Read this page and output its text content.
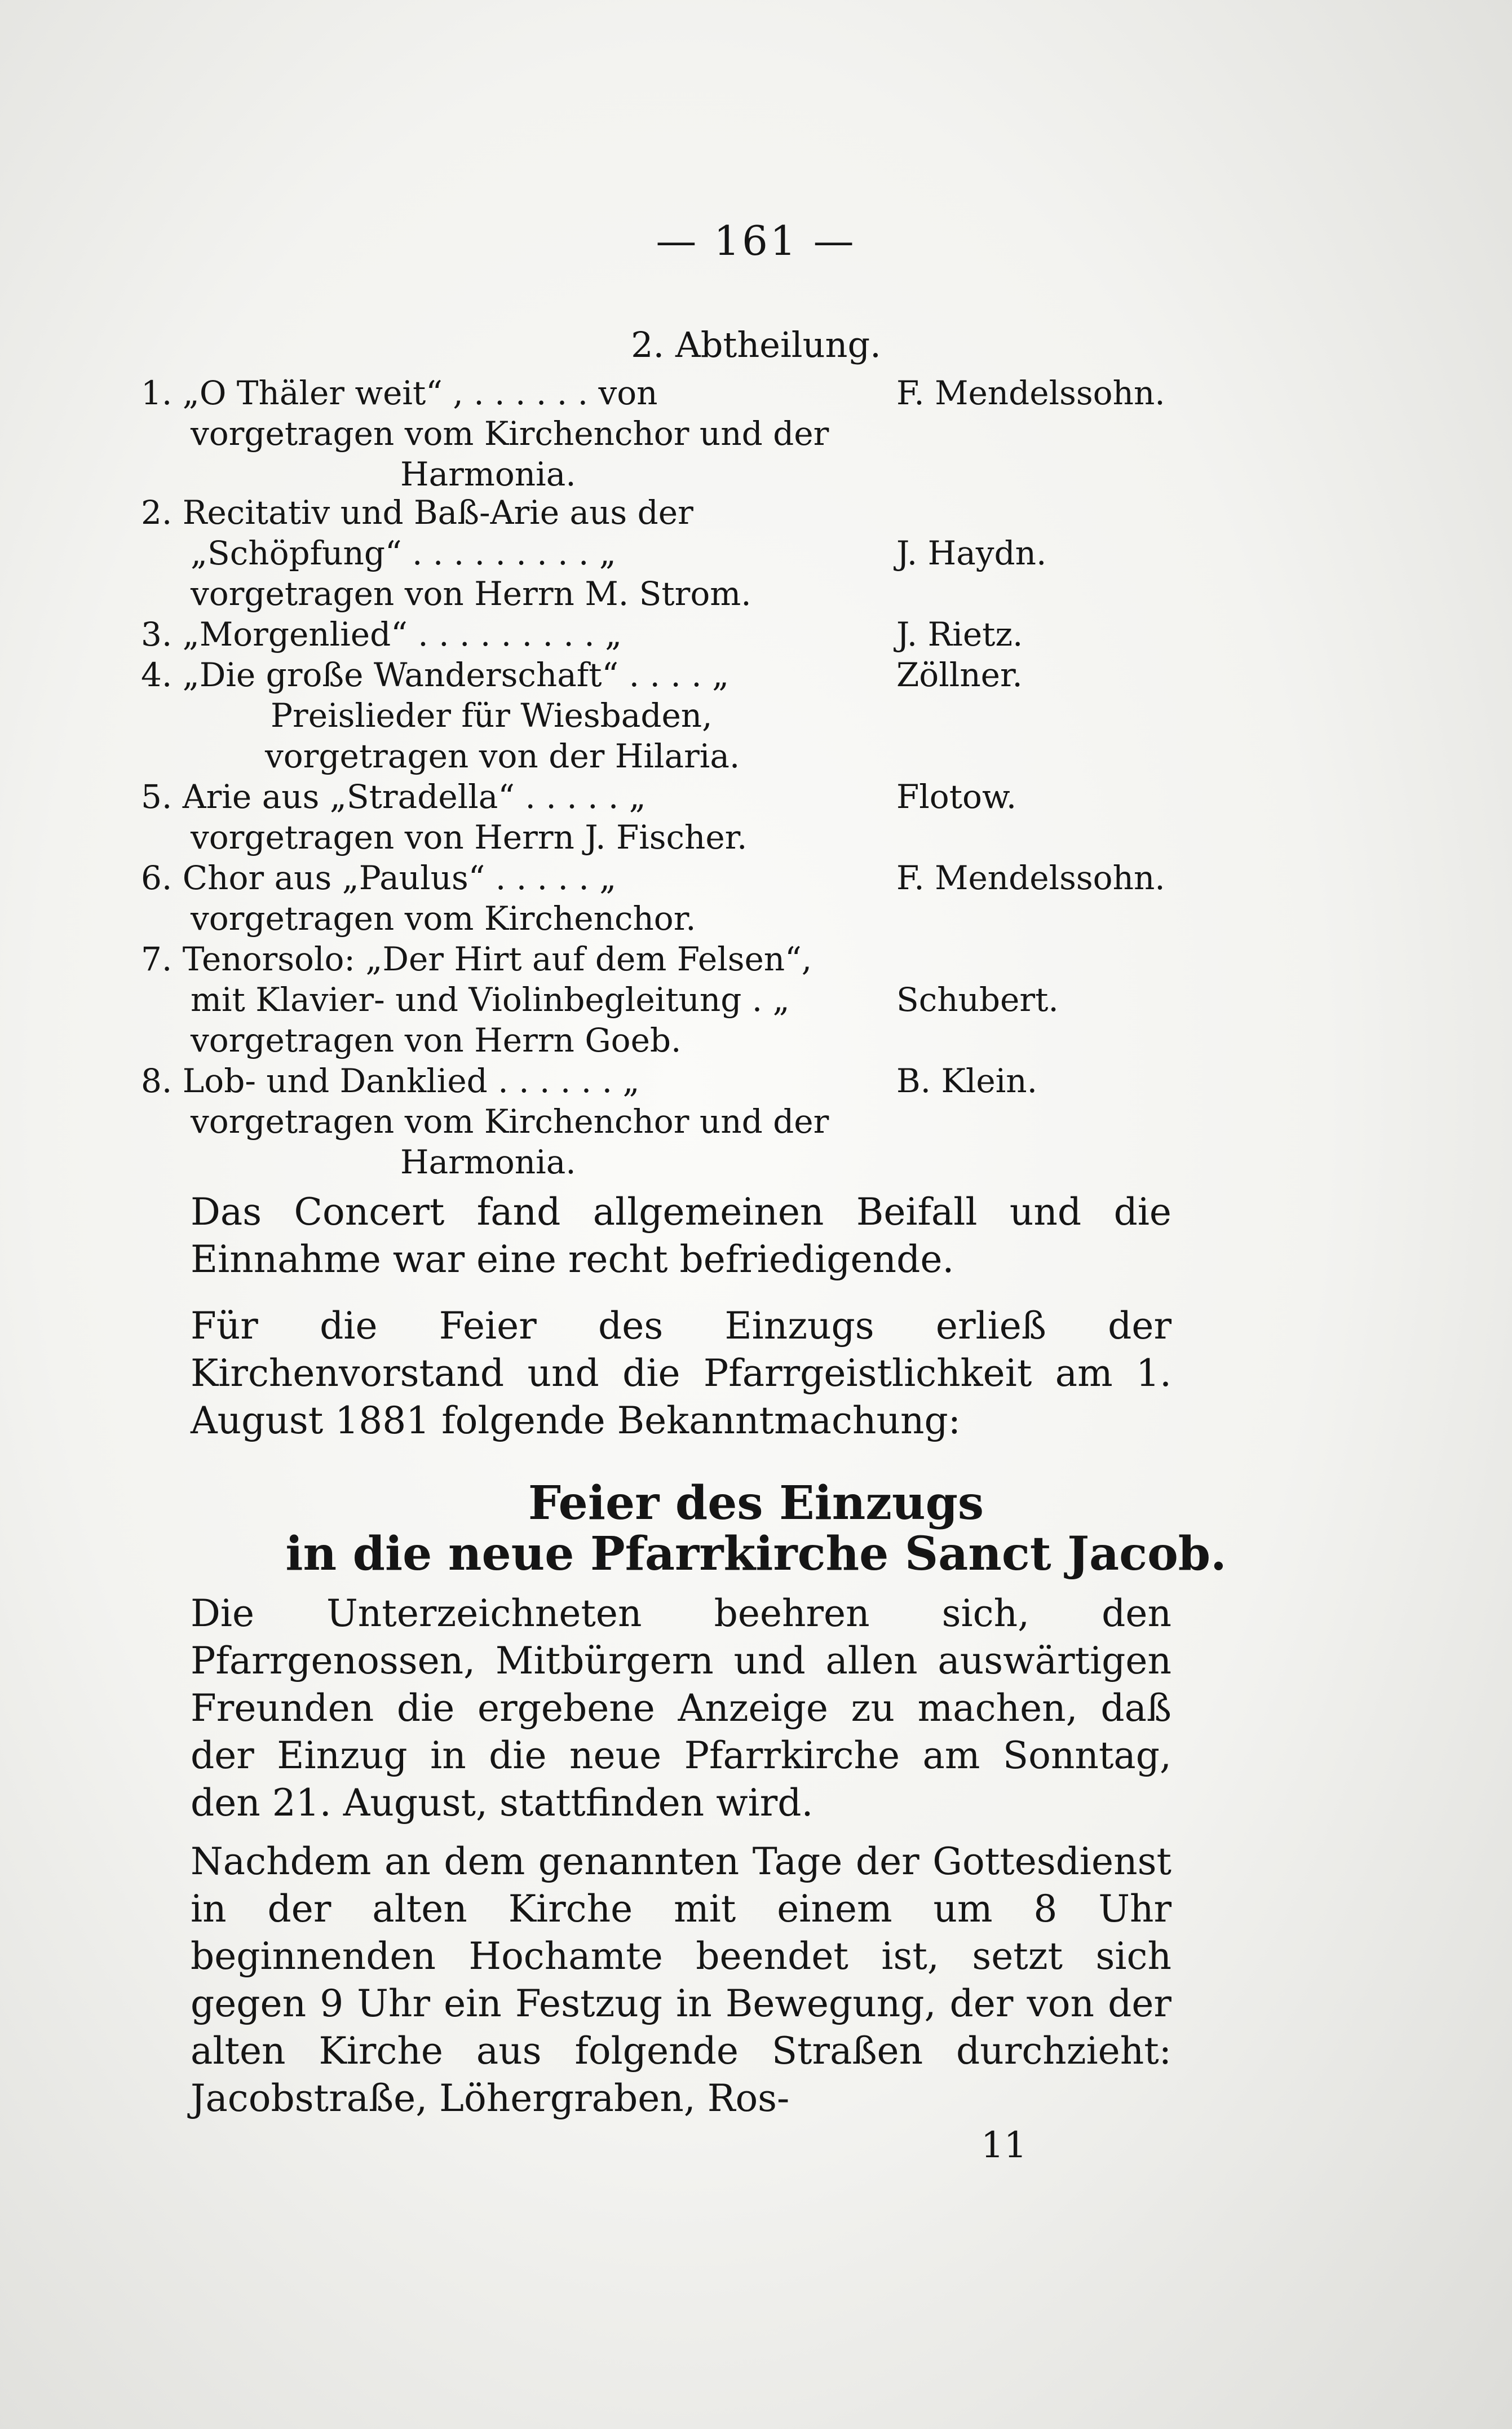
— 161 —
2. Abtheilung.
1. „O Thäler weit“ , . . . . . . von	F. Mendelssohn.
vorgetragen vom Kirchenchor und der
Harmonia.
2. Recitativ und Baß-Arie aus der
„Schöpfung“ . . . . . . . . . „	J. Haydn.
vorgetragen von Herrn M. Strom.
3. „Morgenlied“ . . . . . . . . . „	J. Rietz.
4. „Die große Wanderschaft“ . . . . „	Zöllner.
Preislieder für Wiesbaden,
vorgetragen von der Hilaria.
5. Arie aus „Stradella“ . . . . . „	Flotow.
vorgetragen von Herrn J. Fischer.
6. Chor aus „Paulus“ . . . . . „	F. Mendelssohn.
vorgetragen vom Kirchenchor.
7. Tenorsolo: „Der Hirt auf dem Felsen“,
mit Klavier- und Violinbegleitung . „	Schubert.
vorgetragen von Herrn Goeb.
8. Lob- und Danklied . . . . . . „	B. Klein.
vorgetragen vom Kirchenchor und der
Harmonia.
Das Concert fand allgemeinen Beifall und die Einnahme war eine recht befriedigende.
Für die Feier des Einzugs erließ der Kirchenvorstand und die Pfarrgeistlichkeit am 1. August 1881 folgende Bekanntmachung:
Feier des Einzugs
in die neue Pfarrkirche Sanct Jacob.
Die Unterzeichneten beehren sich, den Pfarrgenossen, Mitbürgern und allen auswärtigen Freunden die ergebene Anzeige zu machen, daß der Einzug in die neue Pfarrkirche am Sonntag, den 21. August, stattfinden wird.
Nachdem an dem genannten Tage der Gottesdienst in der alten Kirche mit einem um 8 Uhr beginnenden Hochamte beendet ist, setzt sich gegen 9 Uhr ein Festzug in Bewegung, der von der alten Kirche aus folgende Straßen durchzieht: Jacobstraße, Löhergraben, Ros-
11
